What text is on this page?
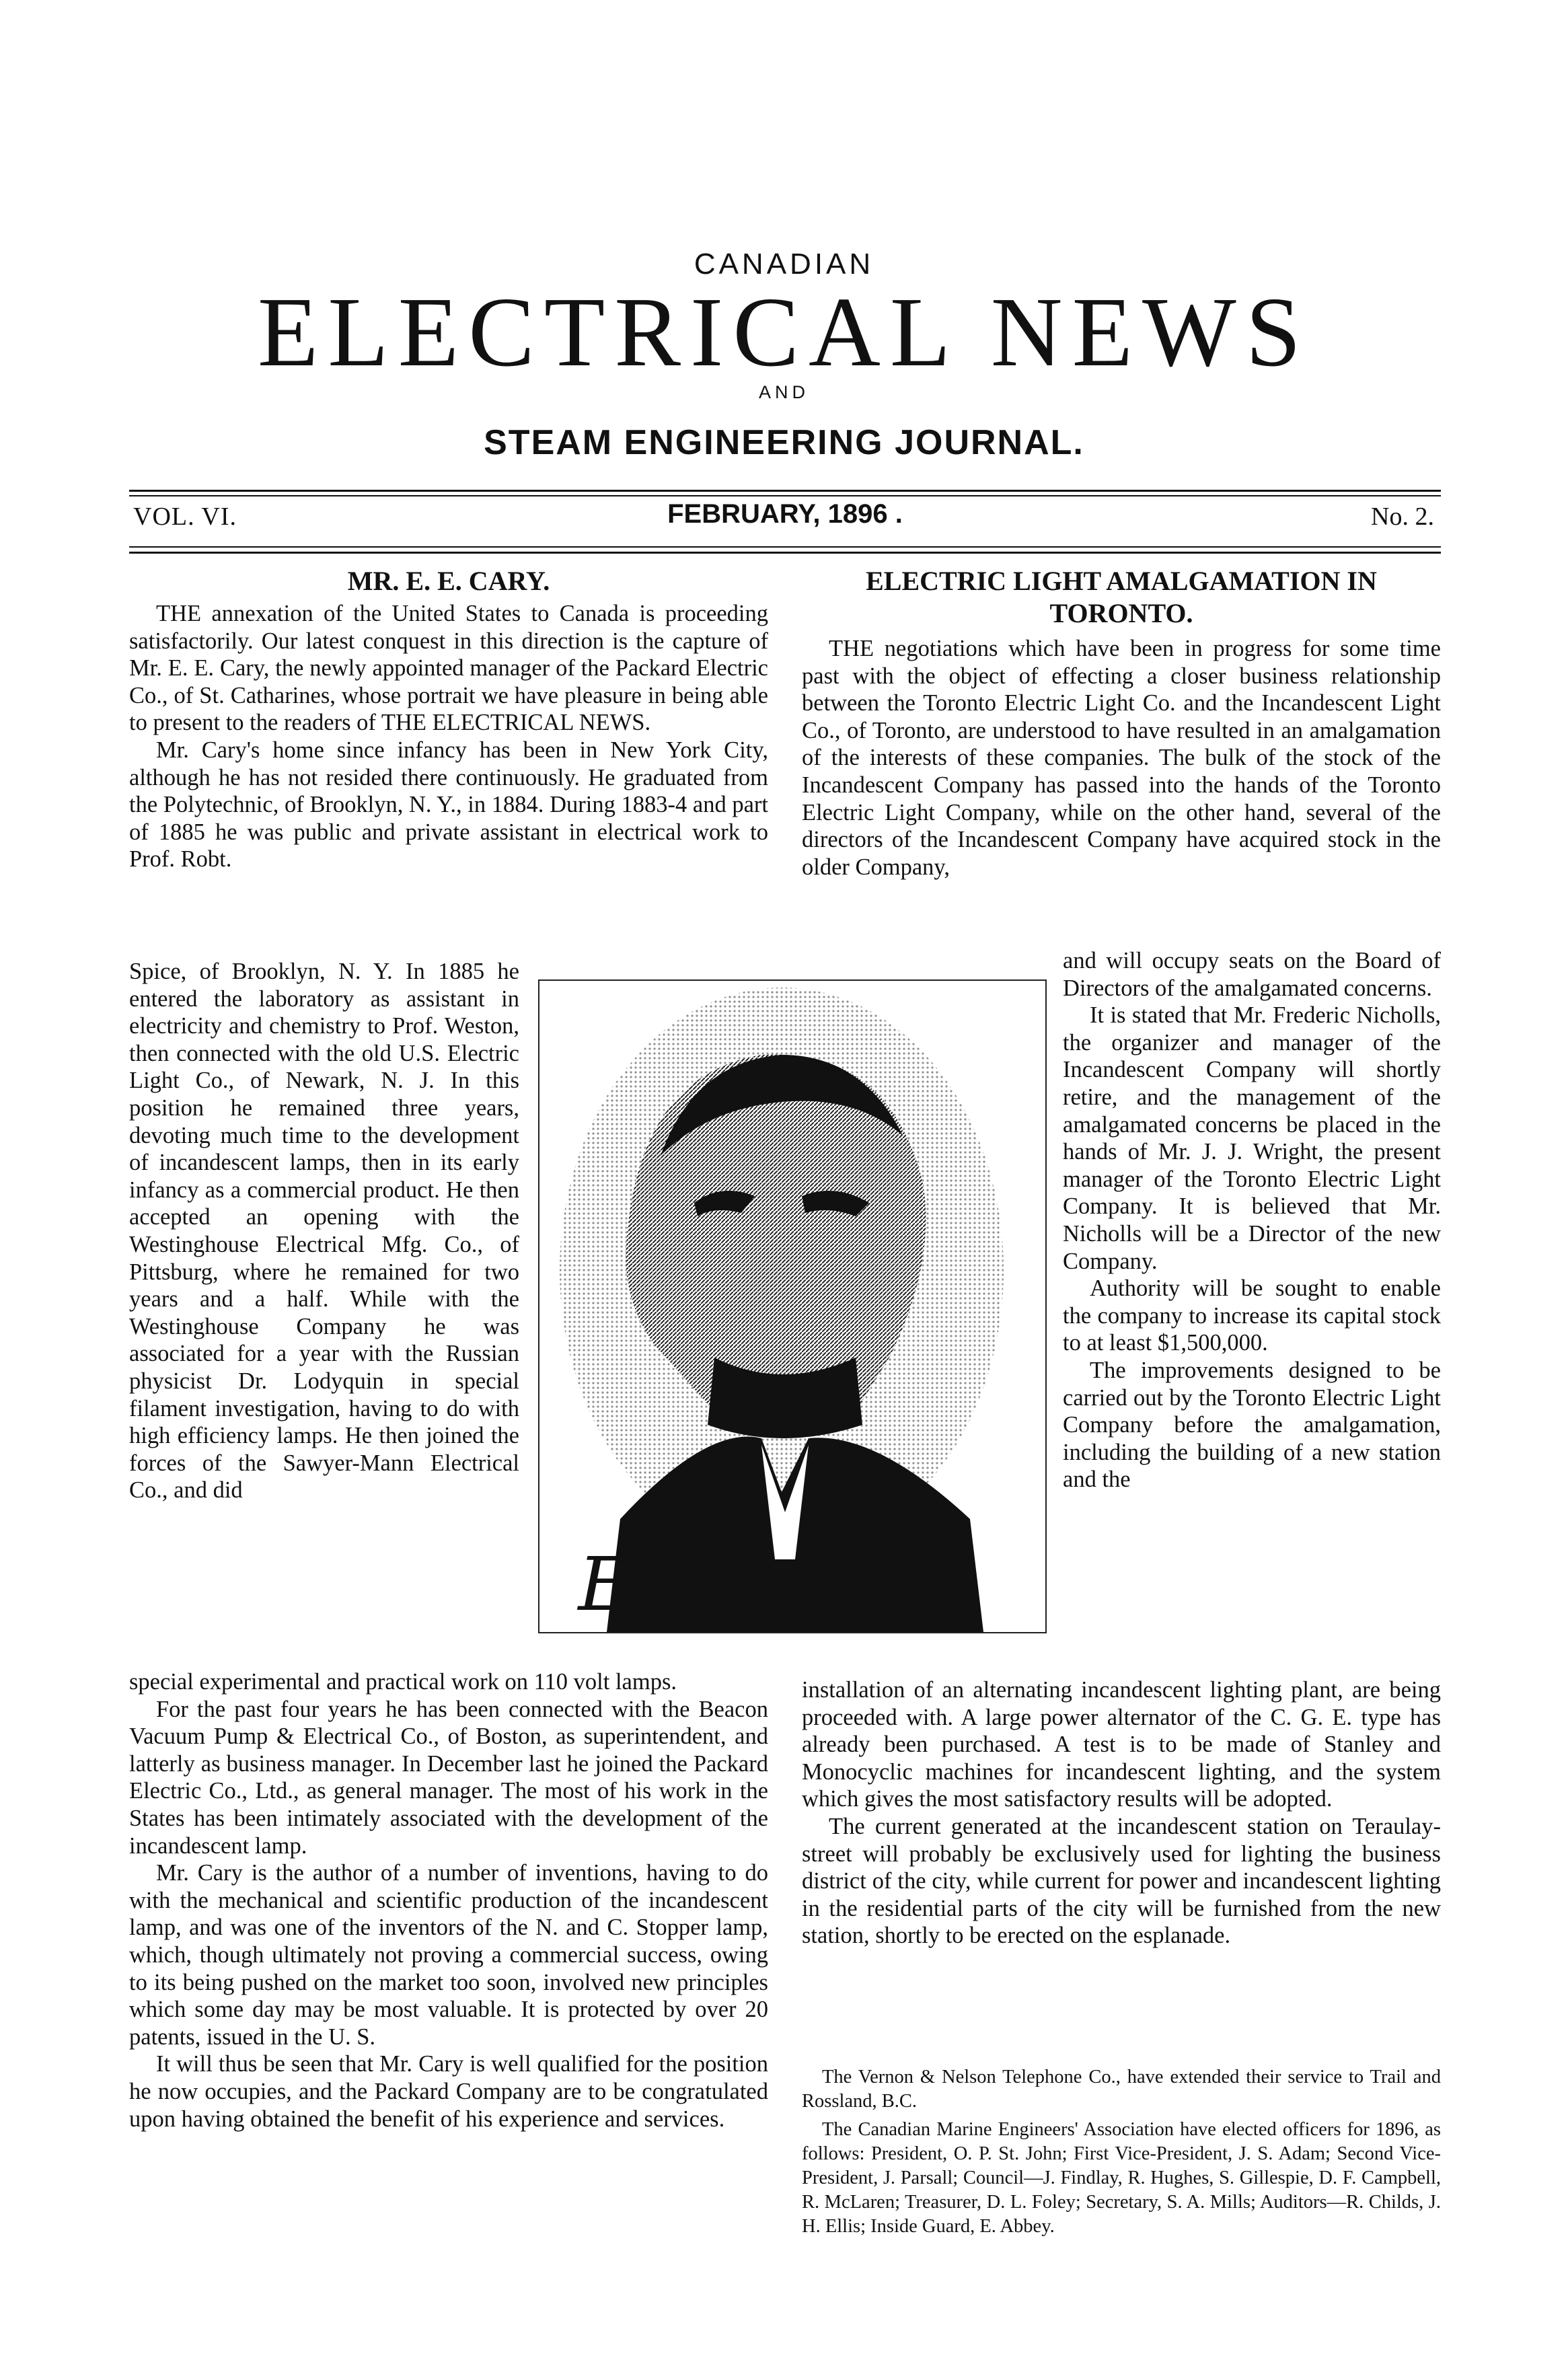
CANADIAN
ELECTRICAL NEWS
AND
STEAM ENGINEERING JOURNAL.
VOL. VI.	FEBRUARY, 1896 .	No. 2.
MR. E. E. CARY.

THE annexation of the United States to Canada is proceeding satisfactorily. Our latest conquest in this direction is the capture of Mr. E. E. Cary, the newly appointed manager of the Packard Electric Co., of St. Catharines, whose portrait we have pleasure in being able to present to the readers of THE ELECTRICAL NEWS.

Mr. Cary's home since infancy has been in New York City, although he has not resided there continuously. He graduated from the Polytechnic, of Brooklyn, N. Y., in 1884. During 1883-4 and part of 1885 he was public and private assistant in electrical work to Prof. Robt.

Spice, of Brooklyn, N. Y. In 1885 he entered the laboratory as assistant in electricity and chemistry to Prof. Weston, then connected with the old U.S. Electric Light Co., of Newark, N. J. In this position he remained three years, devoting much time to the development of incandescent lamps, then in its early infancy as a commercial product. He then accepted an opening with the Westinghouse Electrical Mfg. Co., of Pittsburg, where he remained for two years and a half. While with the Westinghouse Company he was associated for a year with the Russian physicist Dr. Lodyquin in special filament investigation, having to do with high efficiency lamps. He then joined the forces of the Sawyer-Mann Electrical Co., and did

special experimental and practical work on 110 volt lamps.

For the past four years he has been connected with the Beacon Vacuum Pump & Electrical Co., of Boston, as superintendent, and latterly as business manager. In December last he joined the Packard Electric Co., Ltd., as general manager. The most of his work in the States has been intimately associated with the development of the incandescent lamp.

Mr. Cary is the author of a number of inventions, having to do with the mechanical and scientific production of the incandescent lamp, and was one of the inventors of the N. and C. Stopper lamp, which, though ultimately not proving a commercial success, owing to its being pushed on the market too soon, involved new principles which some day may be most valuable. It is protected by over 20 patents, issued in the U. S.

It will thus be seen that Mr. Cary is well qualified for the position he now occupies, and the Packard Company are to be congratulated upon having obtained the benefit of his experience and services.

E. E. Cary
ELECTRIC LIGHT AMALGAMATION IN
TORONTO.

THE negotiations which have been in progress for some time past with the object of effecting a closer business relationship between the Toronto Electric Light Co. and the Incandescent Light Co., of Toronto, are understood to have resulted in an amalgamation of the interests of these companies. The bulk of the stock of the Incandescent Company has passed into the hands of the Toronto Electric Light Company, while on the other hand, several of the directors of the Incandescent Company have acquired stock in the older Company,

and will occupy seats on the Board of Directors of the amalgamated concerns.

It is stated that Mr. Frederic Nicholls, the organizer and manager of the Incandescent Company will shortly retire, and the management of the amalgamated concerns be placed in the hands of Mr. J. J. Wright, the present manager of the Toronto Electric Light Company. It is believed that Mr. Nicholls will be a Director of the new Company.

Authority will be sought to enable the company to increase its capital stock to at least $1,500,000.

The improvements designed to be carried out by the Toronto Electric Light Company before the amalgamation, including the building of a new station and the

installation of an alternating incandescent lighting plant, are being proceeded with. A large power alternator of the C. G. E. type has already been purchased. A test is to be made of Stanley and Monocyclic machines for incandescent lighting, and the system which gives the most satisfactory results will be adopted.

The current generated at the incandescent station on Teraulay-street will probably be exclusively used for lighting the business district of the city, while current for power and incandescent lighting in the residential parts of the city will be furnished from the new station, shortly to be erected on the esplanade.

The Vernon & Nelson Telephone Co., have extended their service to Trail and Rossland, B.C.

The Canadian Marine Engineers' Association have elected officers for 1896, as follows: President, O. P. St. John; First Vice-President, J. S. Adam; Second Vice-President, J. Parsall; Council—J. Findlay, R. Hughes, S. Gillespie, D. F. Campbell, R. McLaren; Treasurer, D. L. Foley; Secretary, S. A. Mills; Auditors—R. Childs, J. H. Ellis; Inside Guard, E. Abbey.
